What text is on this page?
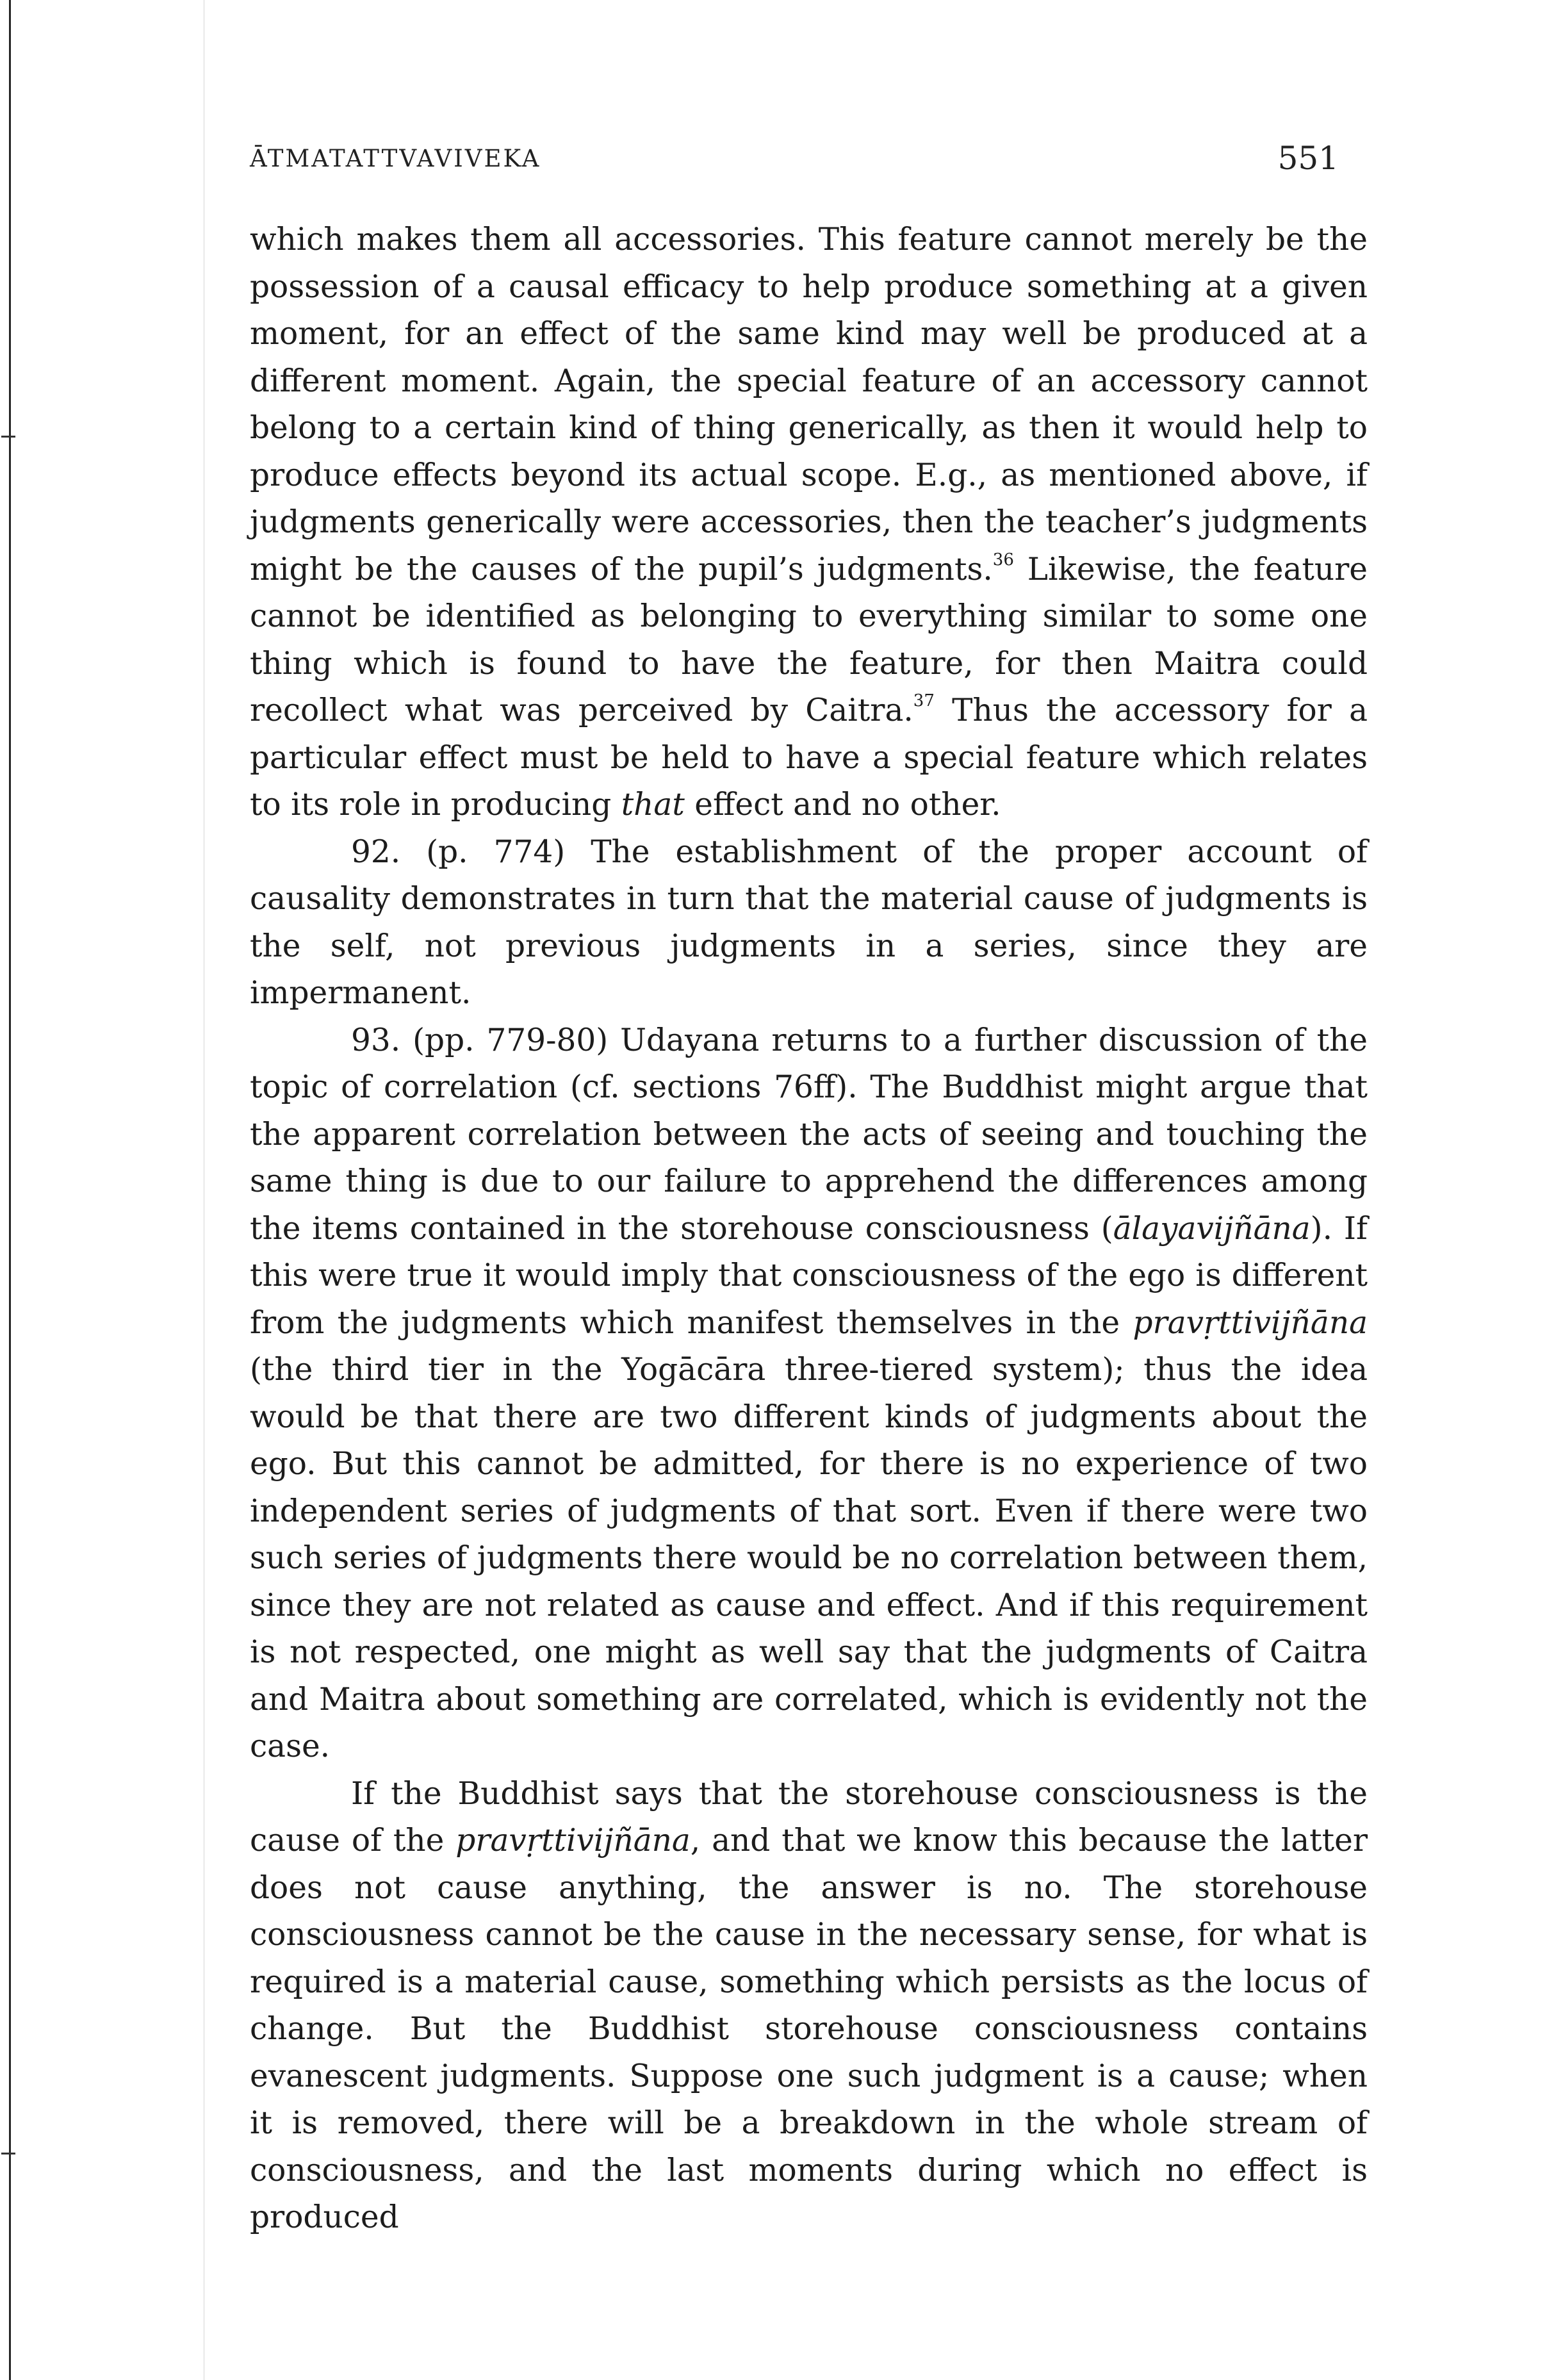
ĀTMATATTVAVIVEKA	551

which makes them all accessories. This feature cannot merely be the possession of a causal efficacy to help produce something at a given moment, for an effect of the same kind may well be produced at a different moment. Again, the special feature of an accessory cannot belong to a certain kind of thing generically, as then it would help to produce effects beyond its actual scope. E.g., as mentioned above, if judgments generically were accessories, then the teacher’s judgments might be the causes of the pupil’s judgments.$^{36}$ Likewise, the feature cannot be identified as belonging to everything similar to some one thing which is found to have the feature, for then Maitra could recollect what was perceived by Caitra.$^{37}$ Thus the accessory for a particular effect must be held to have a special feature which relates to its role in producing that effect and no other.

92. (p. 774) The establishment of the proper account of causality demonstrates in turn that the material cause of judgments is the self, not previous judgments in a series, since they are impermanent.

93. (pp. 779-80) Udayana returns to a further discussion of the topic of correlation (cf. sections 76ff). The Buddhist might argue that the apparent correlation between the acts of seeing and touching the same thing is due to our failure to apprehend the differences among the items contained in the storehouse consciousness (ālayavijñāna). If this were true it would imply that consciousness of the ego is different from the judgments which manifest themselves in the pravṛttivijñāna (the third tier in the Yogācāra three-tiered system); thus the idea would be that there are two different kinds of judgments about the ego. But this cannot be admitted, for there is no experience of two independent series of judgments of that sort. Even if there were two such series of judgments there would be no correlation between them, since they are not related as cause and effect. And if this requirement is not respected, one might as well say that the judgments of Caitra and Maitra about something are correlated, which is evidently not the case.

If the Buddhist says that the storehouse consciousness is the cause of the pravṛttivijñāna, and that we know this because the latter does not cause anything, the answer is no. The storehouse consciousness cannot be the cause in the necessary sense, for what is required is a material cause, something which persists as the locus of change. But the Buddhist storehouse consciousness contains evanescent judgments. Suppose one such judgment is a cause; when it is removed, there will be a breakdown in the whole stream of consciousness, and the last moments during which no effect is produced
